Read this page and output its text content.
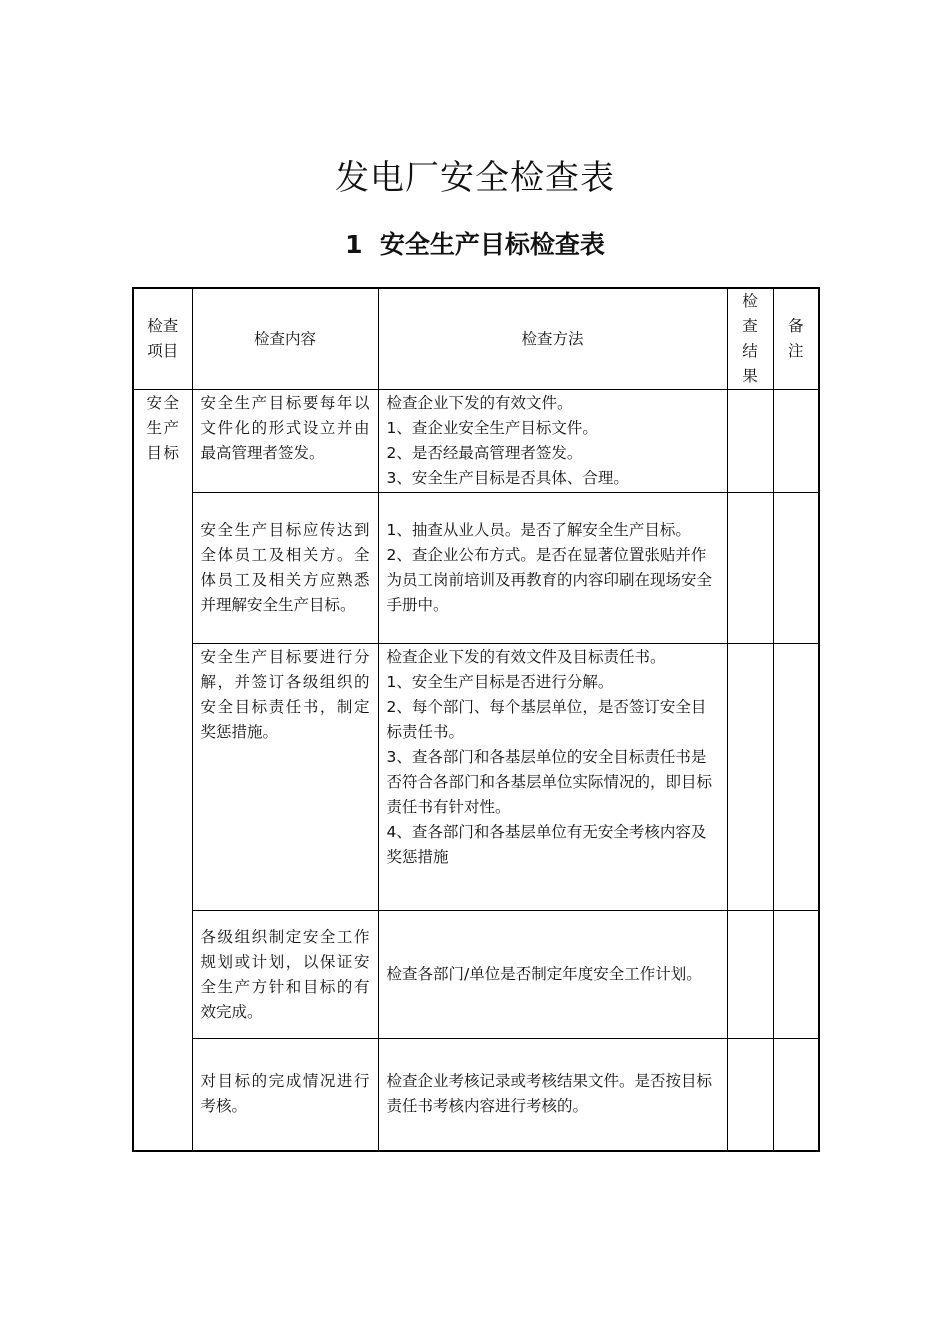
发电厂安全检查表
1  安全生产目标检查表
检查项目	检查内容	检查方法	检查结果	备注

安全生产目标	安全生产目标要每年以文件化的形式设立并由最高管理者签发。	检查企业下发的有效文件。
1、查企业安全生产目标文件。
2、是否经最高管理者签发。
3、安全生产目标是否具体、合理。		

	安全生产目标应传达到全体员工及相关方。全体员工及相关方应熟悉并理解安全生产目标。	1、抽查从业人员。是否了解安全生产目标。
2、查企业公布方式。是否在显著位置张贴并作为员工岗前培训及再教育的内容印刷在现场安全手册中。		

	安全生产目标要进行分解，并签订各级组织的安全目标责任书，制定奖惩措施。	检查企业下发的有效文件及目标责任书。
1、安全生产目标是否进行分解。
2、每个部门、每个基层单位，是否签订安全目标责任书。
3、查各部门和各基层单位的安全目标责任书是否符合各部门和各基层单位实际情况的，即目标责任书有针对性。
4、查各部门和各基层单位有无安全考核内容及奖惩措施		

	各级组织制定安全工作规划或计划，以保证安全生产方针和目标的有效完成。	检查各部门/单位是否制定年度安全工作计划。		

	对目标的完成情况进行考核。	检查企业考核记录或考核结果文件。是否按目标责任书考核内容进行考核的。		
